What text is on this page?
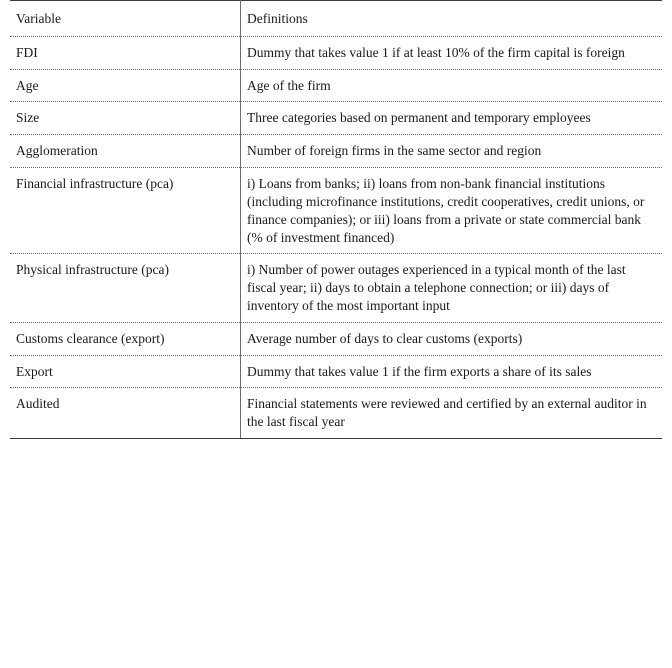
Variable	Definitions

FDI	Dummy that takes value 1 if at least 10% of the firm capital is foreign

Age	Age of the firm

Size	Three categories based on permanent and temporary employees

Agglomeration	Number of foreign firms in the same sector and region

Financial infrastructure (pca)	i) Loans from banks; ii) loans from non-bank financial institutions (including microfinance institutions, credit cooperatives, credit unions, or finance companies); or iii) loans from a private or state commercial bank (% of investment financed)

Physical infrastructure (pca)	i) Number of power outages experienced in a typical month of the last fiscal year; ii) days to obtain a telephone connection; or iii) days of inventory of the most important input

Customs clearance (export)	Average number of days to clear customs (exports)

Export	Dummy that takes value 1 if the firm exports a share of its sales

Audited	Financial statements were reviewed and certified by an external auditor in the last fiscal year
